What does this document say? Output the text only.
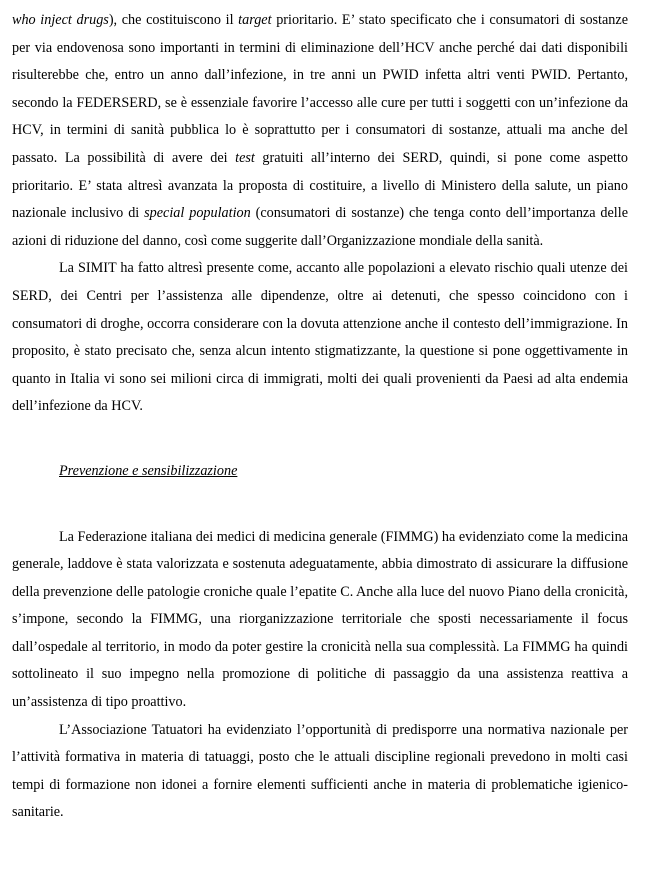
who inject drugs), che costituiscono il target prioritario. E’ stato specificato che i consumatori di sostanze per via endovenosa sono importanti in termini di eliminazione dell’HCV anche perché dai dati disponibili risulterebbe che, entro un anno dall’infezione, in tre anni un PWID infetta altri venti PWID. Pertanto, secondo la FEDERSERD, se è essenziale favorire l’accesso alle cure per tutti i soggetti con un’infezione da HCV, in termini di sanità pubblica lo è soprattutto per i consumatori di sostanze, attuali ma anche del passato. La possibilità di avere dei test gratuiti all’interno dei SERD, quindi, si pone come aspetto prioritario. E’ stata altresì avanzata la proposta di costituire, a livello di Ministero della salute, un piano nazionale inclusivo di special population (consumatori di sostanze) che tenga conto dell’importanza delle azioni di riduzione del danno, così come suggerite dall’Organizzazione mondiale della sanità.

La SIMIT ha fatto altresì presente come, accanto alle popolazioni a elevato rischio quali utenze dei SERD, dei Centri per l’assistenza alle dipendenze, oltre ai detenuti, che spesso coincidono con i consumatori di droghe, occorra considerare con la dovuta attenzione anche il contesto dell’immigrazione. In proposito, è stato precisato che, senza alcun intento stigmatizzante, la questione si pone oggettivamente in quanto in Italia vi sono sei milioni circa di immigrati, molti dei quali provenienti da Paesi ad alta endemia dell’infezione da HCV.

Prevenzione e sensibilizzazione

La Federazione italiana dei medici di medicina generale (FIMMG) ha evidenziato come la medicina generale, laddove è stata valorizzata e sostenuta adeguatamente, abbia dimostrato di assicurare la diffusione della prevenzione delle patologie croniche quale l’epatite C. Anche alla luce del nuovo Piano della cronicità, s’impone, secondo la FIMMG, una riorganizzazione territoriale che sposti necessariamente il focus dall’ospedale al territorio, in modo da poter gestire la cronicità nella sua complessità. La FIMMG ha quindi sottolineato il suo impegno nella promozione di politiche di passaggio da una assistenza reattiva a un’assistenza di tipo proattivo.

L’Associazione Tatuatori ha evidenziato l’opportunità di predisporre una normativa nazionale per l’attività formativa in materia di tatuaggi, posto che le attuali discipline regionali prevedono in molti casi tempi di formazione non idonei a fornire elementi sufficienti anche in materia di problematiche igienico-sanitarie.
